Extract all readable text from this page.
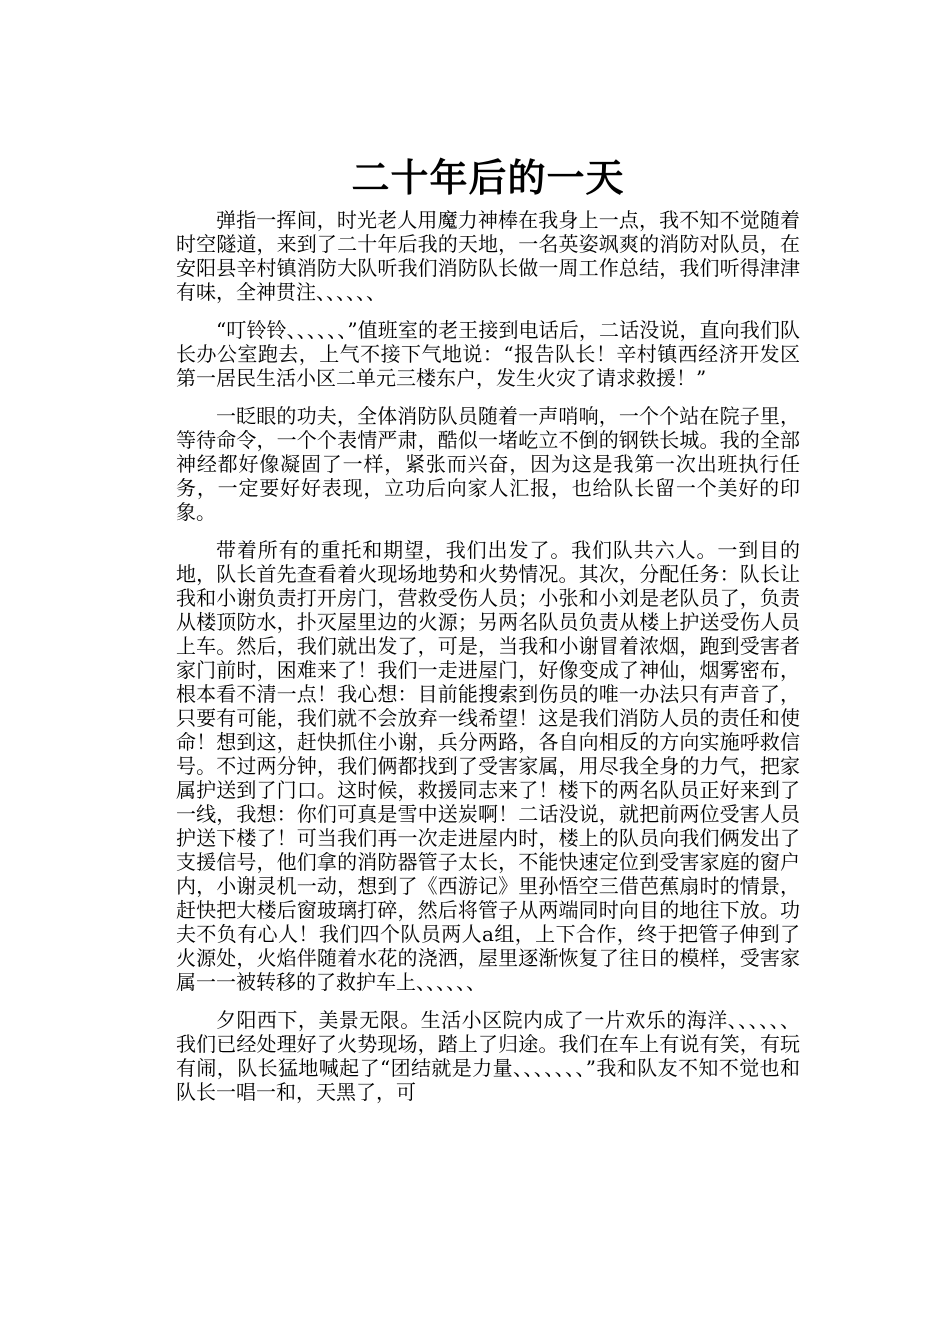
二十年后的一天

弹指一挥间，时光老人用魔力神棒在我身上一点，我不知不觉随着时空隧道，来到了二十年后我的天地，一名英姿飒爽的消防对队员，在安阳县辛村镇消防大队听我们消防队长做一周工作总结，我们听得津津有味，全神贯注、、、、、、

“叮铃铃、、、、、、”值班室的老王接到电话后，二话没说，直向我们队长办公室跑去，上气不接下气地说：“报告队长！辛村镇西经济开发区第一居民生活小区二单元三楼东户，发生火灾了请求救援！”

一眨眼的功夫，全体消防队员随着一声哨响，一个个站在院子里，等待命令，一个个表情严肃，酷似一堵屹立不倒的钢铁长城。我的全部神经都好像凝固了一样，紧张而兴奋，因为这是我第一次出班执行任务，一定要好好表现，立功后向家人汇报，也给队长留一个美好的印象。

带着所有的重托和期望，我们出发了。我们队共六人。一到目的地，队长首先查看着火现场地势和火势情况。其次，分配任务：队长让我和小谢负责打开房门，营救受伤人员；小张和小刘是老队员了，负责从楼顶防水，扑灭屋里边的火源；另两名队员负责从楼上护送受伤人员上车。然后，我们就出发了，可是，当我和小谢冒着浓烟，跑到受害者家门前时，困难来了！我们一走进屋门，好像变成了神仙，烟雾密布，根本看不清一点！我心想：目前能搜索到伤员的唯一办法只有声音了，只要有可能，我们就不会放弃一线希望！这是我们消防人员的责任和使命！想到这，赶快抓住小谢，兵分两路，各自向相反的方向实施呼救信号。不过两分钟，我们俩都找到了受害家属，用尽我全身的力气，把家属护送到了门口。这时候，救援同志来了！楼下的两名队员正好来到了一线，我想：你们可真是雪中送炭啊！二话没说，就把前两位受害人员护送下楼了！可当我们再一次走进屋内时，楼上的队员向我们俩发出了支援信号，他们拿的消防器管子太长，不能快速定位到受害家庭的窗户内，小谢灵机一动，想到了《西游记》里孙悟空三借芭蕉扇时的情景，赶快把大楼后窗玻璃打碎，然后将管子从两端同时向目的地往下放。功夫不负有心人！我们四个队员两人a组，上下合作，终于把管子伸到了火源处，火焰伴随着水花的浇洒，屋里逐渐恢复了往日的模样，受害家属一一被转移的了救护车上、、、、、、

夕阳西下，美景无限。生活小区院内成了一片欢乐的海洋、、、、、、我们已经处理好了火势现场，踏上了归途。我们在车上有说有笑，有玩有闹，队长猛地喊起了“团结就是力量、、、、、、、”我和队友不知不觉也和队长一唱一和，天黑了，可
